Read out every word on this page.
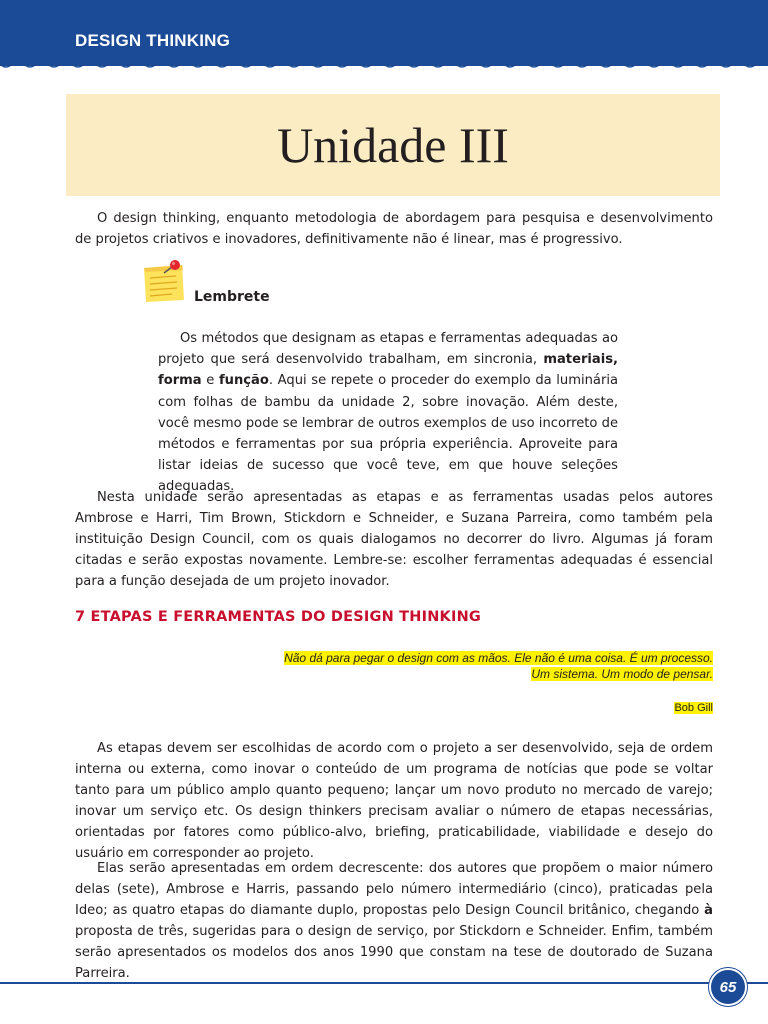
DESIGN THINKING
Unidade III

O design thinking, enquanto metodologia de abordagem para pesquisa e desenvolvimento de projetos criativos e inovadores, definitivamente não é linear, mas é progressivo.

Lembrete

Os métodos que designam as etapas e ferramentas adequadas ao projeto que será desenvolvido trabalham, em sincronia, materiais, forma e função. Aqui se repete o proceder do exemplo da luminária com folhas de bambu da unidade 2, sobre inovação. Além deste, você mesmo pode se lembrar de outros exemplos de uso incorreto de métodos e ferramentas por sua própria experiência. Aproveite para listar ideias de sucesso que você teve, em que houve seleções adequadas.

Nesta unidade serão apresentadas as etapas e as ferramentas usadas pelos autores Ambrose e Harri, Tim Brown, Stickdorn e Schneider, e Suzana Parreira, como também pela instituição Design Council, com os quais dialogamos no decorrer do livro. Algumas já foram citadas e serão expostas novamente. Lembre-se: escolher ferramentas adequadas é essencial para a função desejada de um projeto inovador.

7 ETAPAS E FERRAMENTAS DO DESIGN THINKING
Não dá para pegar o design com as mãos. Ele não é uma coisa. É um processo.
Um sistema. Um modo de pensar.
Bob Gill

As etapas devem ser escolhidas de acordo com o projeto a ser desenvolvido, seja de ordem interna ou externa, como inovar o conteúdo de um programa de notícias que pode se voltar tanto para um público amplo quanto pequeno; lançar um novo produto no mercado de varejo; inovar um serviço etc. Os design thinkers precisam avaliar o número de etapas necessárias, orientadas por fatores como público-alvo, briefing, praticabilidade, viabilidade e desejo do usuário em corresponder ao projeto.

Elas serão apresentadas em ordem decrescente: dos autores que propõem o maior número delas (sete), Ambrose e Harris, passando pelo número intermediário (cinco), praticadas pela Ideo; as quatro etapas do diamante duplo, propostas pelo Design Council britânico, chegando à proposta de três, sugeridas para o design de serviço, por Stickdorn e Schneider. Enfim, também serão apresentados os modelos dos anos 1990 que constam na tese de doutorado de Suzana Parreira.

65
